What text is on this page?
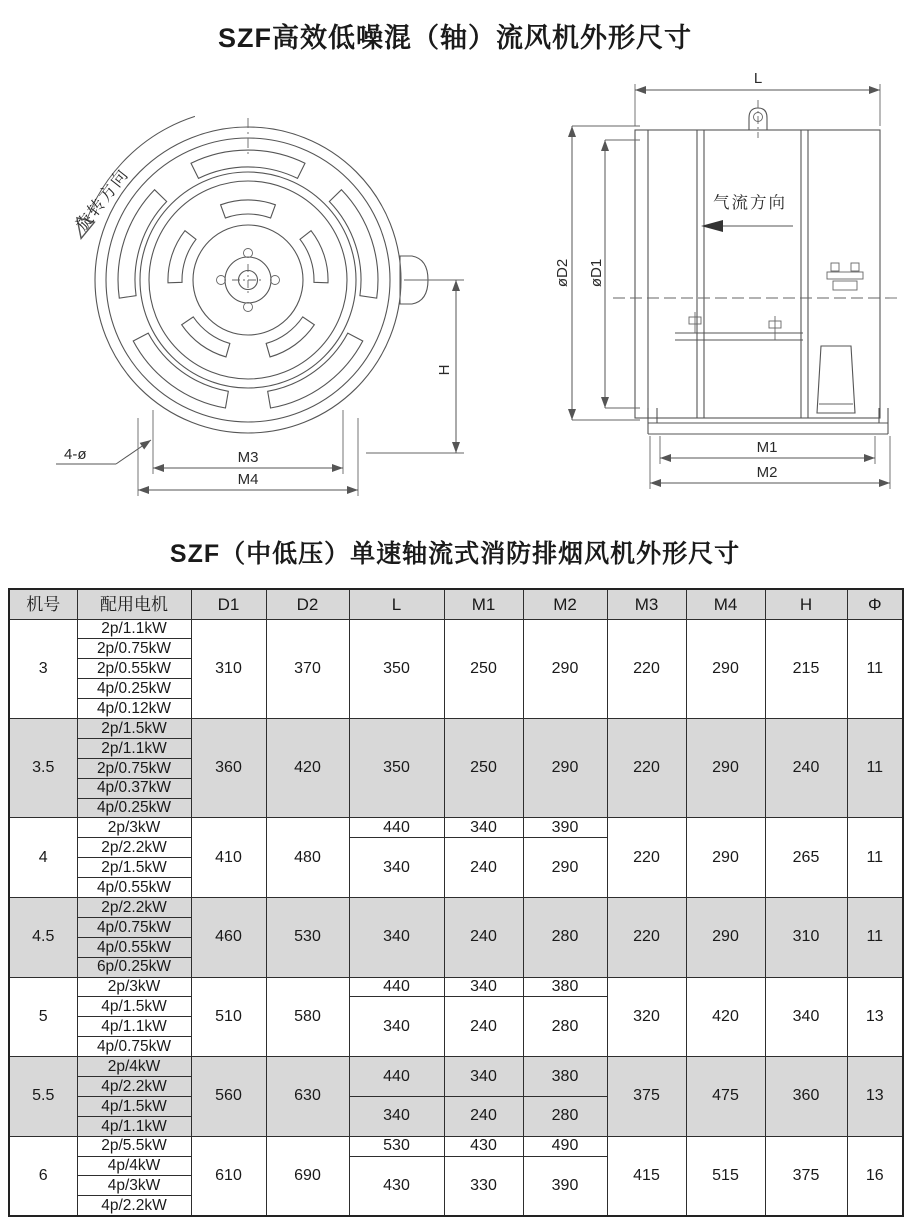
SZF高效低噪混（轴）流风机外形尺寸
旋转方向
4-ø	M3
M4
H
L
气流方向
øD2 øD1
M1
M2
SZF（中低压）单速轴流式消防排烟风机外形尺寸
机号	配用电机	D1	D2	L	M1	M2	M3	M4	H	Φ
3	2p/1.1kW	310	370	350	250	290	220	290	215	11
	2p/0.75kW									
	2p/0.55kW									
	4p/0.25kW									
	4p/0.12kW									
3.5	2p/1.5kW	360	420	350	250	290	220	290	240	11
	2p/1.1kW									
	2p/0.75kW									
	4p/0.37kW									
	4p/0.25kW									
4	2p/3kW	410	480	440	340	390	220	290	265	11
	2p/2.2kW			340	240	290				
	2p/1.5kW									
	4p/0.55kW									
4.5	2p/2.2kW	460	530	340	240	280	220	290	310	11
	4p/0.75kW									
	4p/0.55kW									
	6p/0.25kW									
5	2p/3kW	510	580	440	340	380	320	420	340	13
	4p/1.5kW			340	240	280				
	4p/1.1kW									
	4p/0.75kW									
5.5	2p/4kW	560	630	440	340	380	375	475	360	13
	4p/2.2kW									
	4p/1.5kW			340	240	280				
	4p/1.1kW									
6	2p/5.5kW	610	690	530	430	490	415	515	375	16
	4p/4kW			430	330	390				
	4p/3kW									
	4p/2.2kW									
